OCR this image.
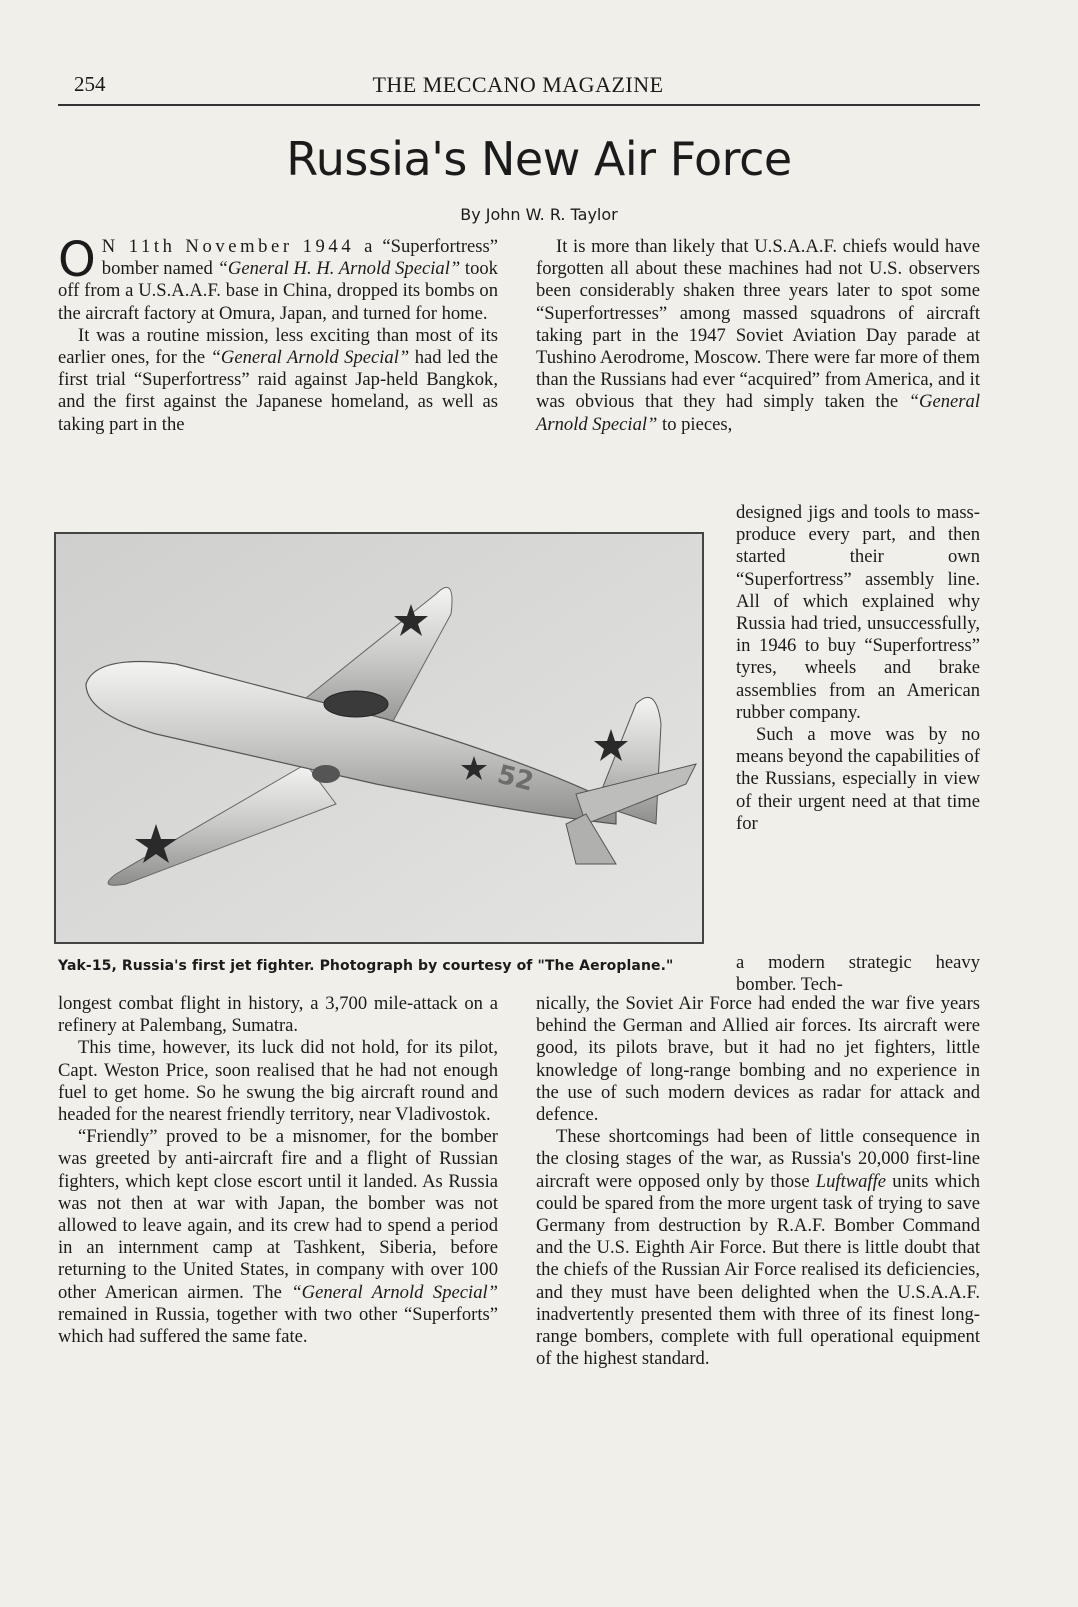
254	THE MECCANO MAGAZINE
Russia's New Air Force
By John W. R. Taylor

O N 11th November 1944 a “Superfortress” bomber named “General H. H. Arnold Special” took off from a U.S.A.A.F. base in China, dropped its bombs on the aircraft factory at Omura, Japan, and turned for home.

It was a routine mission, less exciting than most of its earlier ones, for the “General Arnold Special” had led the first trial “Superfortress” raid against Jap-held Bangkok, and the first against the Japanese homeland, as well as taking part in the

It is more than likely that U.S.A.A.F. chiefs would have forgotten all about these machines had not U.S. observers been considerably shaken three years later to spot some “Superfortresses” among massed squadrons of aircraft taking part in the 1947 Soviet Aviation Day parade at Tushino Aerodrome, Moscow. There were far more of them than the Russians had ever “acquired” from America, and it was obvious that they had simply taken the “General Arnold Special” to pieces,

designed jigs and tools to mass-produce every part, and then started their own “Superfortress” assembly line. All of which explained why Russia had tried, unsuccessfully, in 1946 to buy “Superfortress” tyres, wheels and brake assemblies from an American rubber company.

Such a move was by no means beyond the capabilities of the Russians, especially in view of their urgent need at that time for

52
Yak-15, Russia's first jet fighter. Photograph by courtesy of "The Aeroplane."	a modern strategic heavy bomber. Tech-

longest combat flight in history, a 3,700 mile-attack on a refinery at Palembang, Sumatra.

This time, however, its luck did not hold, for its pilot, Capt. Weston Price, soon realised that he had not enough fuel to get home. So he swung the big aircraft round and headed for the nearest friendly territory, near Vladivostok.

“Friendly” proved to be a misnomer, for the bomber was greeted by anti-aircraft fire and a flight of Russian fighters, which kept close escort until it landed. As Russia was not then at war with Japan, the bomber was not allowed to leave again, and its crew had to spend a period in an internment camp at Tashkent, Siberia, before returning to the United States, in company with over 100 other American airmen. The “General Arnold Special” remained in Russia, together with two other “Superforts” which had suffered the same fate.

nically, the Soviet Air Force had ended the war five years behind the German and Allied air forces. Its aircraft were good, its pilots brave, but it had no jet fighters, little knowledge of long-range bombing and no experience in the use of such modern devices as radar for attack and defence.

These shortcomings had been of little consequence in the closing stages of the war, as Russia's 20,000 first-line aircraft were opposed only by those Luftwaffe units which could be spared from the more urgent task of trying to save Germany from destruction by R.A.F. Bomber Command and the U.S. Eighth Air Force. But there is little doubt that the chiefs of the Russian Air Force realised its deficiencies, and they must have been delighted when the U.S.A.A.F. inadvertently presented them with three of its finest long-range bombers, complete with full operational equipment of the highest standard.
